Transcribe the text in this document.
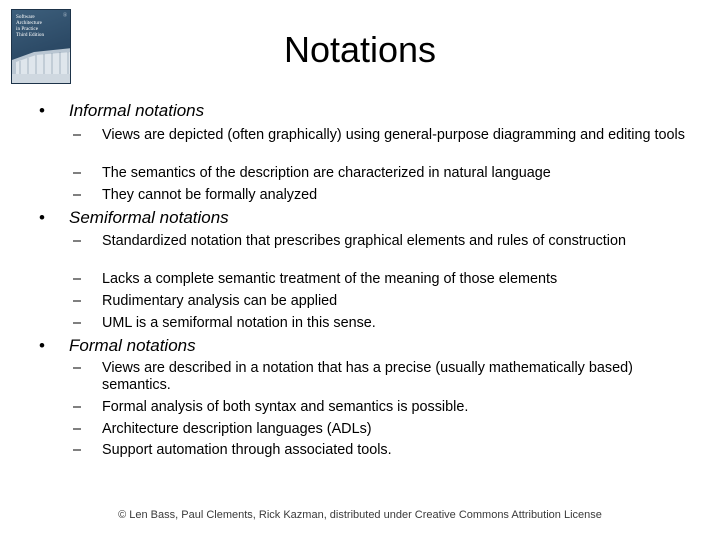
Software
Architecture
in Practice
Third Edition
Ⓐ
Notations
• Informal notations
– Views are depicted (often graphically) using general-purpose diagramming and editing tools
– The semantics of the description are characterized in natural language
– They cannot be formally analyzed
• Semiformal notations
– Standardized notation that prescribes graphical elements and rules of construction
– Lacks a complete semantic treatment of the meaning of those elements
– Rudimentary analysis can be applied
– UML is a semiformal notation in this sense.
• Formal notations
– Views are described in a notation that has a precise (usually mathematically based) semantics.
– Formal analysis of both syntax and semantics is possible.
– Architecture description languages (ADLs)
– Support automation through associated tools.
© Len Bass, Paul Clements, Rick Kazman, distributed under Creative Commons Attribution License
